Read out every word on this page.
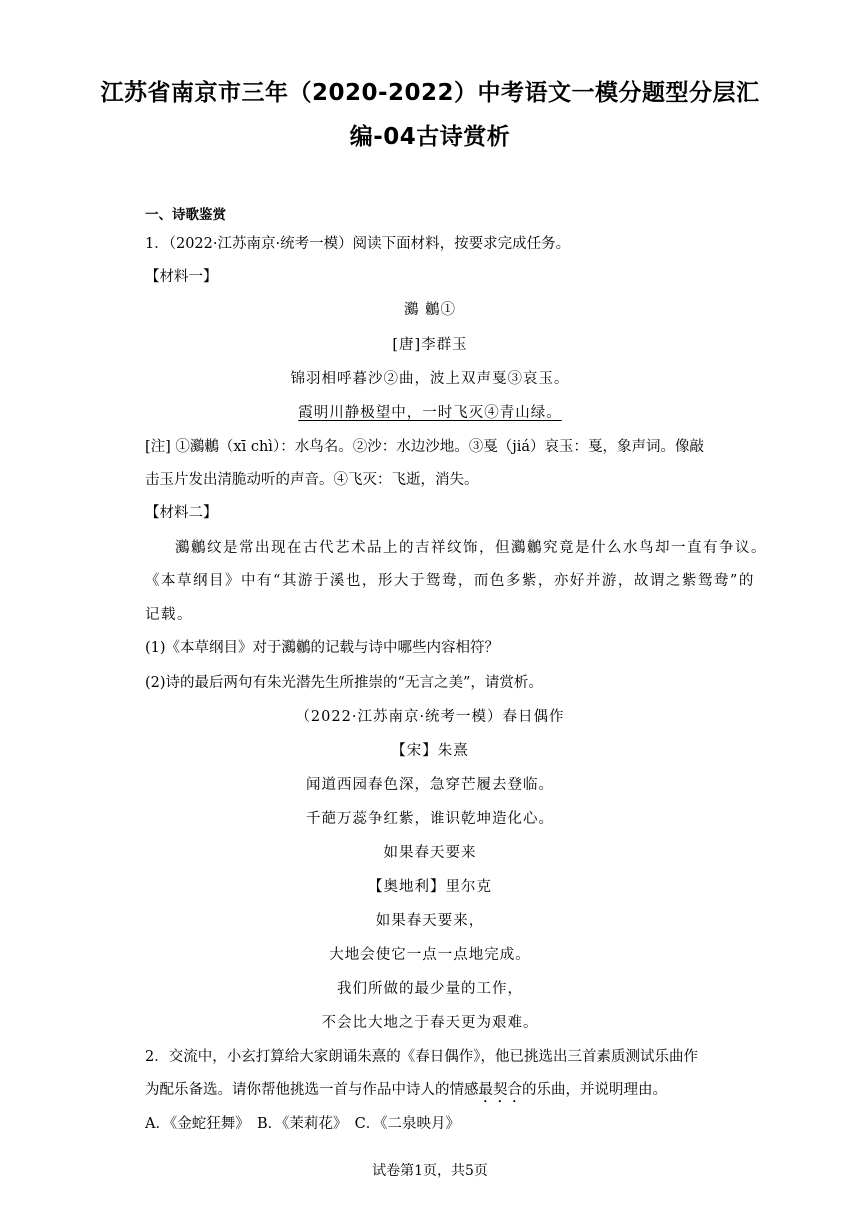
江苏省南京市三年（2020-2022）中考语文一模分题型分层汇
编-04古诗赏析
一、诗歌鉴赏
1．（2022·江苏南京·统考一模）阅读下面材料，按要求完成任务。
【材料一】
鸂 鶒①
[唐]李群玉
锦羽相呼暮沙②曲，波上双声戛③哀玉。
霞明川静极望中，一时飞灭④青山绿。
[注] ①鸂鶒（xī chì）：水鸟名。②沙：水边沙地。③戛（jiá）哀玉：戛，象声词。像敲
击玉片发出清脆动听的声音。④飞灭：飞逝，消失。
【材料二】
鸂鶒纹是常出现在古代艺术品上的吉祥纹饰，但鸂鶒究竟是什么水鸟却一直有争议。
《本草纲目》中有“其游于溪也，形大于鸳鸯，而色多紫，亦好并游，故谓之紫鸳鸯”的
记载。
(1)《本草纲目》对于鸂鶒的记载与诗中哪些内容相符？
(2)诗的最后两句有朱光潜先生所推崇的“无言之美”，请赏析。
（2022·江苏南京·统考一模）春日偶作
【宋】朱熹
闻道西园春色深，急穿芒履去登临。
千葩万蕊争红紫，谁识乾坤造化心。
如果春天要来
【奥地利】里尔克
如果春天要来，
大地会使它一点一点地完成。
我们所做的最少量的工作，
不会比大地之于春天更为艰难。
2．交流中，小玄打算给大家朗诵朱熹的《春日偶作》，他已挑选出三首素质测试乐曲作
为配乐备选。请你帮他挑选一首与作品中诗人的情感最契合的乐曲，并说明理由。
A．《金蛇狂舞》　B．《茉莉花》　C．《二泉映月》
试卷第1页，共5页
